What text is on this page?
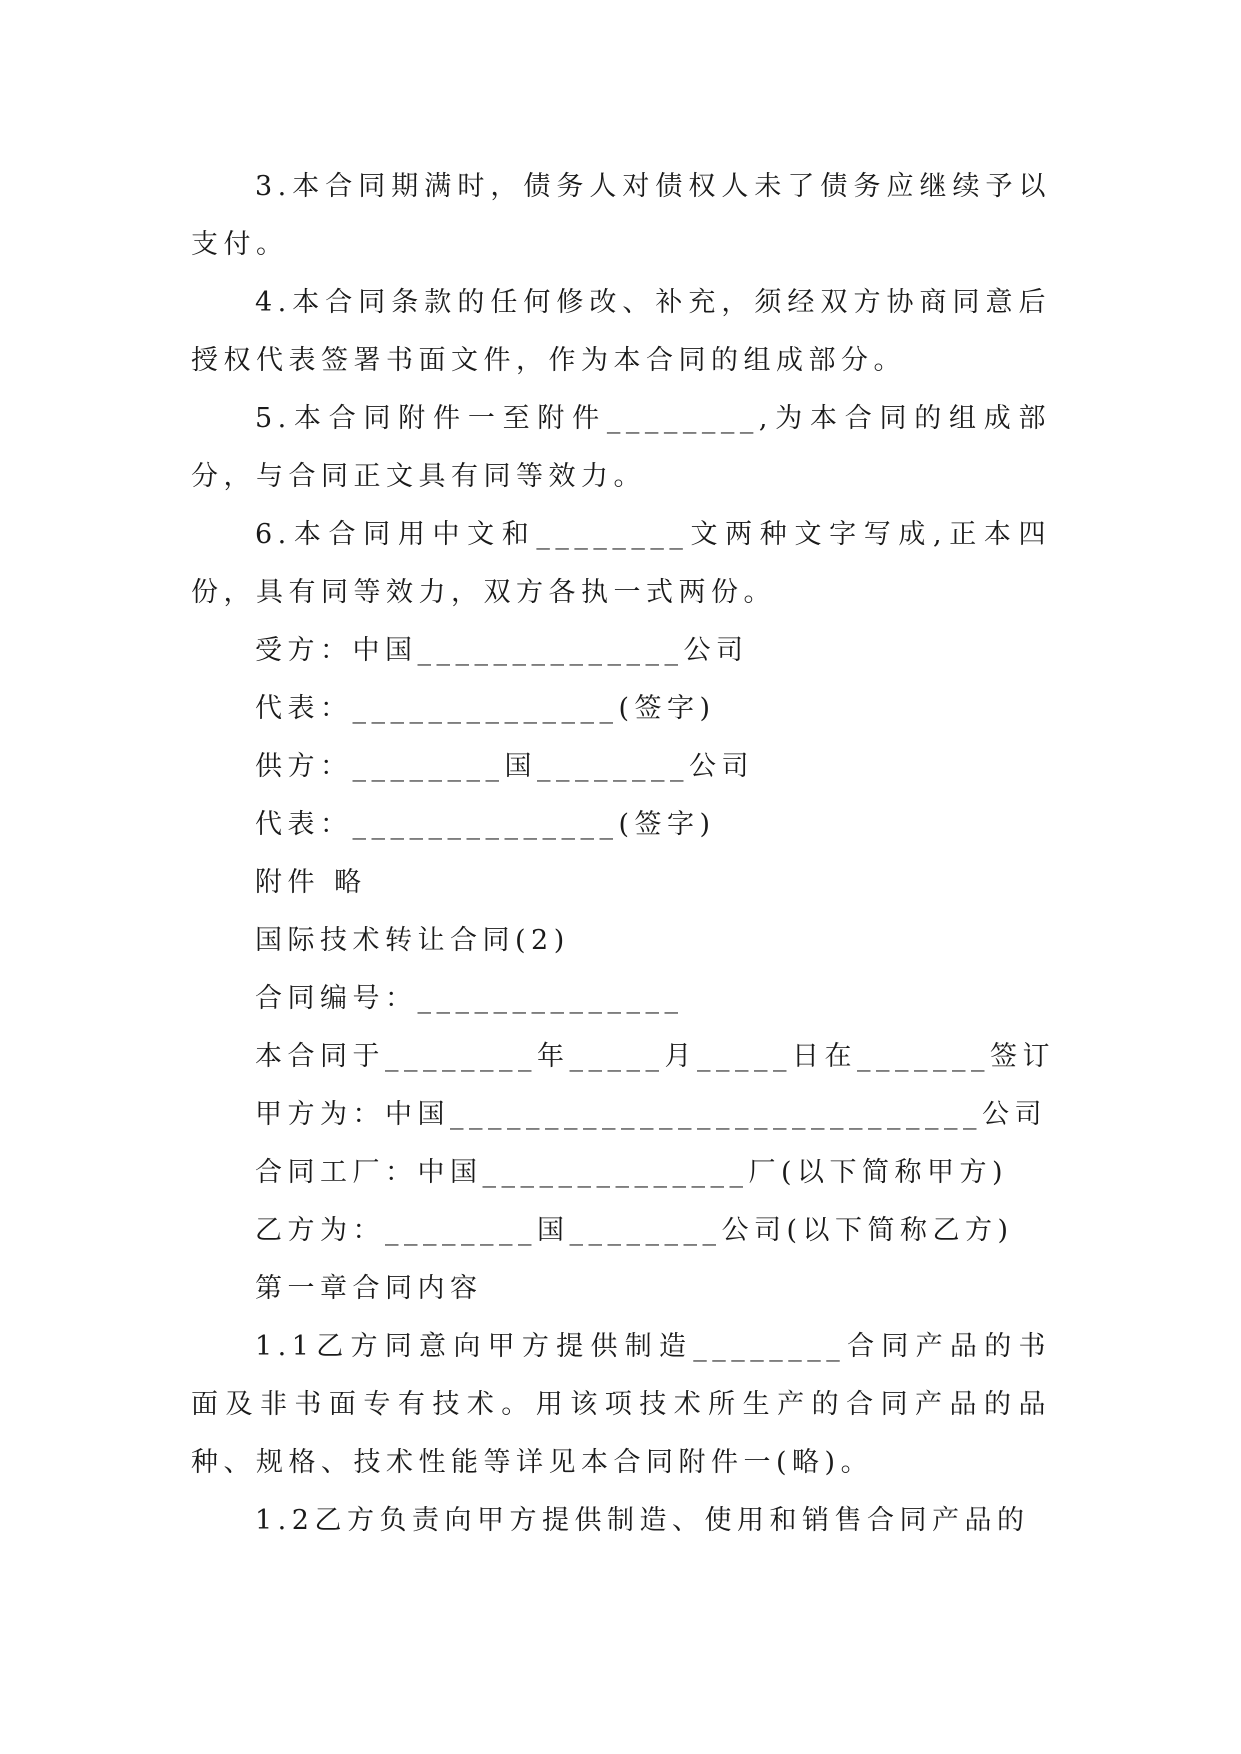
3.本合同期满时，债务人对债权人未了债务应继续予以支付。

4.本合同条款的任何修改、补充，须经双方协商同意后授权代表签署书面文件，作为本合同的组成部分。

5.本合同附件一至附件________,为本合同的组成部分，与合同正文具有同等效力。

6.本合同用中文和________文两种文字写成,正本四份，具有同等效力，双方各执一式两份。

受方：中国______________公司

代表：______________(签字)

供方：________国________公司

代表：______________(签字)

附件 略

国际技术转让合同(2)

合同编号：______________

本合同于________年_____月_____日在_______签订

甲方为：中国____________________________公司

合同工厂：中国______________厂(以下简称甲方)

乙方为：________国________公司(以下简称乙方)

第一章合同内容

1.1乙方同意向甲方提供制造________合同产品的书面及非书面专有技术。用该项技术所生产的合同产品的品种、规格、技术性能等详见本合同附件一(略)。

1.2乙方负责向甲方提供制造、使用和销售合同产品的
